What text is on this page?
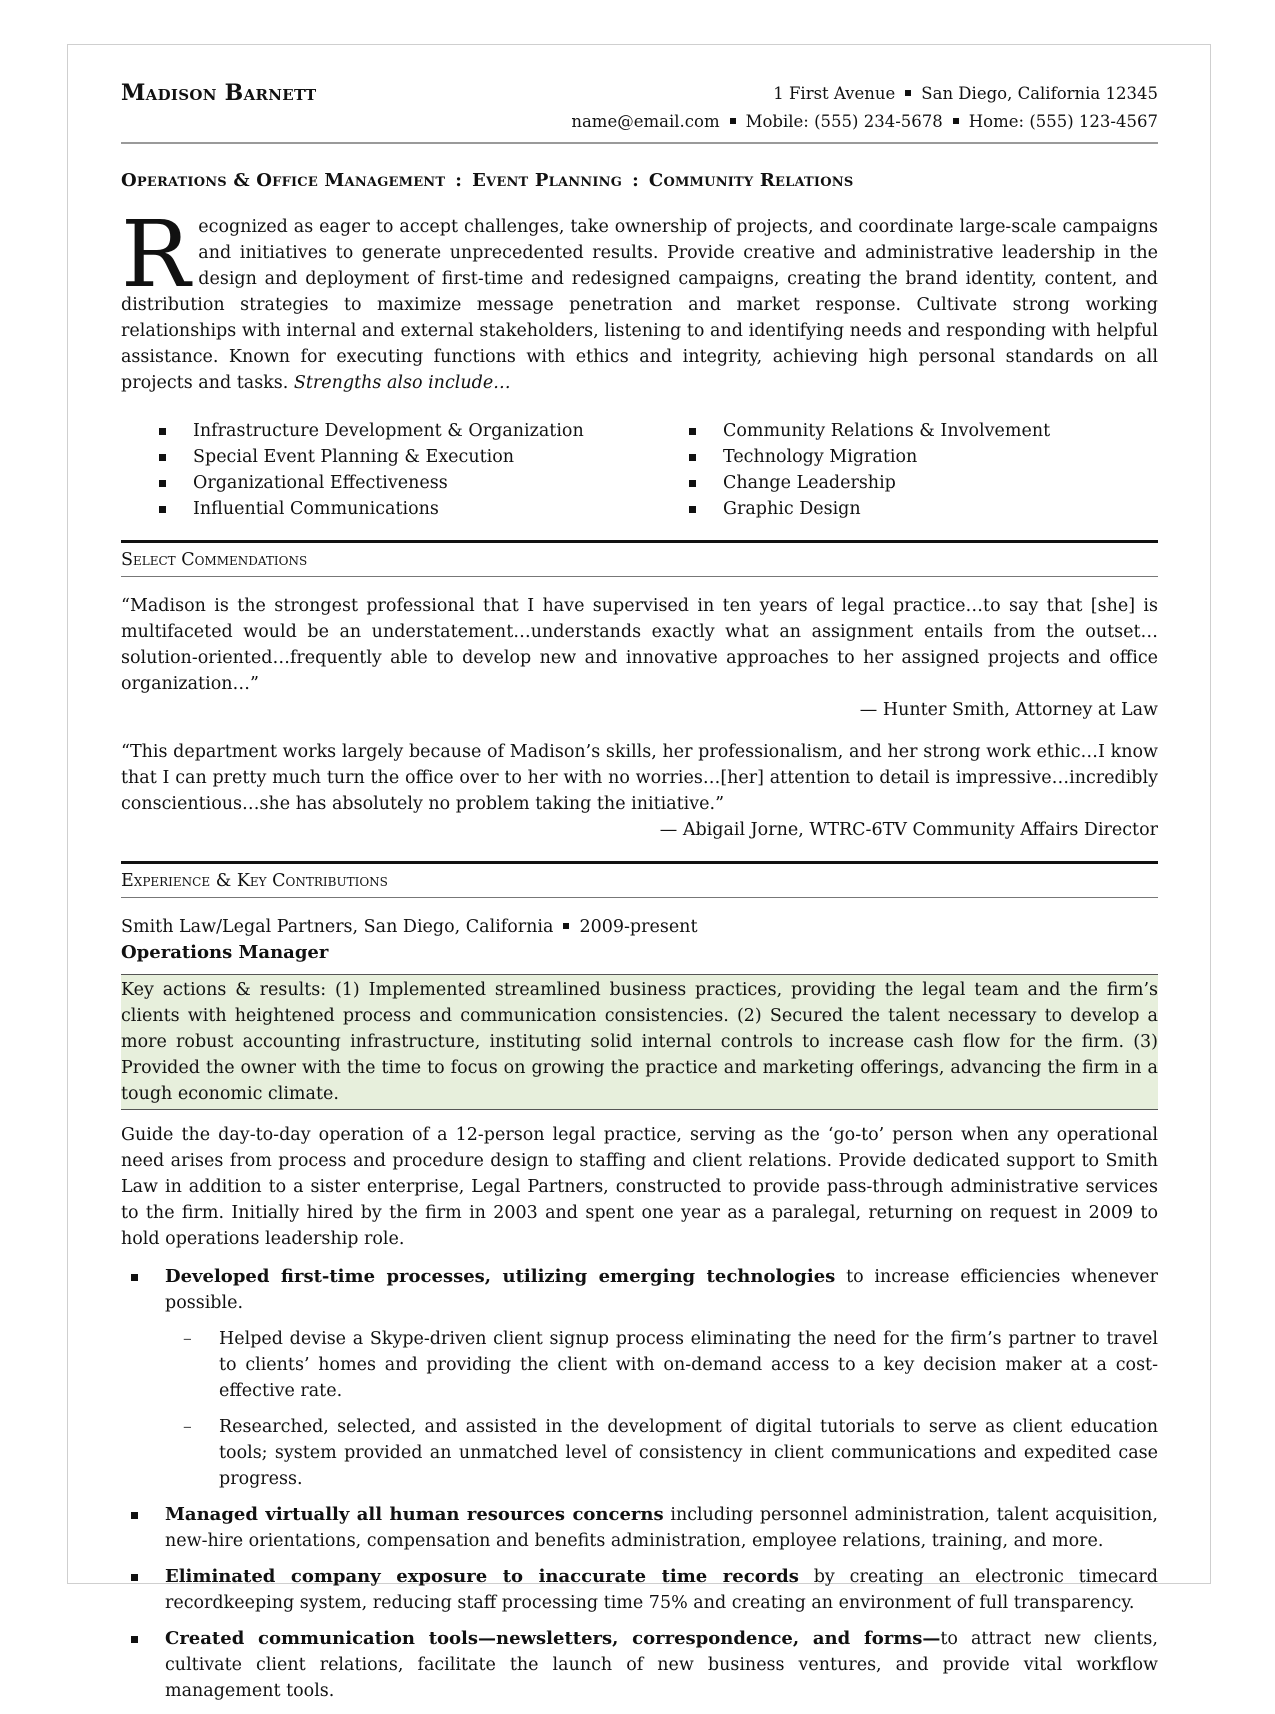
Madison Barnett	1 First Avenue San Diego, California 12345
name@email.com Mobile: (555) 234-5678 Home: (555) 123-4567
Operations & Office Management : Event Planning : Community Relations
Recognized as eager to accept challenges, take ownership of projects, and coordinate large-scale campaigns and initiatives to generate unprecedented results. Provide creative and administrative leadership in the design and deployment of first-time and redesigned campaigns, creating the brand identity, content, and distribution strategies to maximize message penetration and market response. Cultivate strong working relationships with internal and external stakeholders, listening to and identifying needs and responding with helpful assistance. Known for executing functions with ethics and integrity, achieving high personal standards on all projects and tasks. Strengths also include…
Infrastructure Development & Organization
Special Event Planning & Execution
Organizational Effectiveness
Influential Communications
Community Relations & Involvement
Technology Migration
Change Leadership
Graphic Design
Select Commendations
“Madison is the strongest professional that I have supervised in ten years of legal practice…to say that [she] is multifaceted would be an understatement…understands exactly what an assignment entails from the outset…solution-oriented…frequently able to develop new and innovative approaches to her assigned projects and office organization…”
— Hunter Smith, Attorney at Law
“This department works largely because of Madison’s skills, her professionalism, and her strong work ethic…I know that I can pretty much turn the office over to her with no worries…[her] attention to detail is impressive…incredibly conscientious…she has absolutely no problem taking the initiative.”
— Abigail Jorne, WTRC-6TV Community Affairs Director
Experience & Key Contributions
Smith Law/Legal Partners, San Diego, California 2009-present
Operations Manager
Key actions & results: (1) Implemented streamlined business practices, providing the legal team and the firm’s clients with heightened process and communication consistencies. (2) Secured the talent necessary to develop a more robust accounting infrastructure, instituting solid internal controls to increase cash flow for the firm. (3) Provided the owner with the time to focus on growing the practice and marketing offerings, advancing the firm in a tough economic climate.
Guide the day-to-day operation of a 12-person legal practice, serving as the ‘go-to’ person when any operational need arises from process and procedure design to staffing and client relations. Provide dedicated support to Smith Law in addition to a sister enterprise, Legal Partners, constructed to provide pass-through administrative services to the firm. Initially hired by the firm in 2003 and spent one year as a paralegal, returning on request in 2009 to hold operations leadership role.
Developed first-time processes, utilizing emerging technologies to increase efficiencies whenever possible.
– Helped devise a Skype-driven client signup process eliminating the need for the firm’s partner to travel to clients’ homes and providing the client with on-demand access to a key decision maker at a cost-effective rate.
– Researched, selected, and assisted in the development of digital tutorials to serve as client education tools; system provided an unmatched level of consistency in client communications and expedited case progress.
Managed virtually all human resources concerns including personnel administration, talent acquisition, new-hire orientations, compensation and benefits administration, employee relations, training, and more.
Eliminated company exposure to inaccurate time records by creating an electronic timecard recordkeeping system, reducing staff processing time 75% and creating an environment of full transparency.
Created communication tools—newsletters, correspondence, and forms—to attract new clients, cultivate client relations, facilitate the launch of new business ventures, and provide vital workflow management tools.
